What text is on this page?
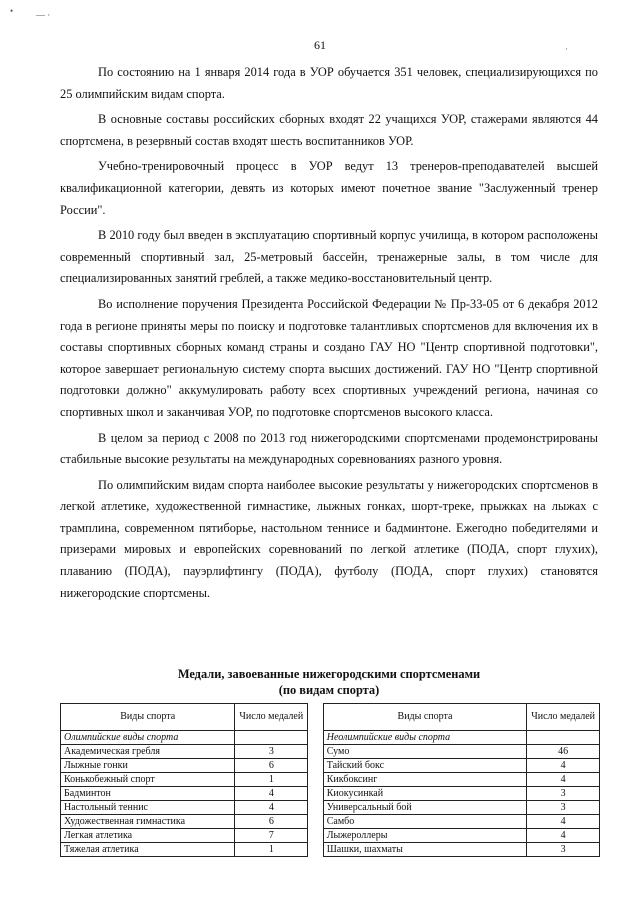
•	— ·
·
61

По состоянию на 1 января 2014 года в УОР обучается 351 человек, специализирующихся по 25 олимпийским видам спорта.

В основные составы российских сборных входят 22 учащихся УОР, стажерами являются 44 спортсмена, в резервный состав входят шесть воспитанников УОР.

Учебно-тренировочный процесс в УОР ведут 13 тренеров-преподавателей высшей квалификационной категории, девять из которых имеют почетное звание "Заслуженный тренер России".

В 2010 году был введен в эксплуатацию спортивный корпус училища, в котором расположены современный спортивный зал, 25-метровый бассейн, тренажерные залы, в том числе для специализированных занятий греблей, а также медико-восстановительный центр.

Во исполнение поручения Президента Российской Федерации № Пр-33-05 от 6 декабря 2012 года в регионе приняты меры по поиску и подготовке талантливых спортсменов для включения их в составы спортивных сборных команд страны и создано ГАУ НО "Центр спортивной подготовки", которое завершает региональную систему спорта высших достижений. ГАУ НО "Центр спортивной подготовки должно" аккумулировать работу всех спортивных учреждений региона, начиная со спортивных школ и заканчивая УОР, по подготовке спортсменов высокого класса.

В целом за период с 2008 по 2013 год нижегородскими спортсменами продемонстрированы стабильные высокие результаты на международных соревнованиях разного уровня.

По олимпийским видам спорта наиболее высокие результаты у нижегородских спортсменов в легкой атлетике, художественной гимнастике, лыжных гонках, шорт-треке, прыжках на лыжах с трамплина, современном пятиборье, настольном теннисе и бадминтоне. Ежегодно победителями и призерами мировых и европейских соревнований по легкой атлетике (ПОДА, спорт глухих), плаванию (ПОДА), пауэрлифтингу (ПОДА), футболу (ПОДА, спорт глухих) становятся нижегородские спортсмены.

Медали, завоеванные нижегородскими спортсменами
(по видам спорта)
Виды спорта	Число медалей		Виды спорта	Число медалей
Олимпийские виды спорта			Неолимпийские виды спорта	
Академическая гребля	3		Сумо	46
Лыжные гонки	6		Тайский бокс	4
Конькобежный спорт	1		Кикбоксинг	4
Бадминтон	4		Киокусинкай	3
Настольный теннис	4		Универсальный бой	3
Художественная гимнастика	6		Самбо	4
Легкая атлетика	7		Лыжероллеры	4
Тяжелая атлетика	1		Шашки, шахматы	3
